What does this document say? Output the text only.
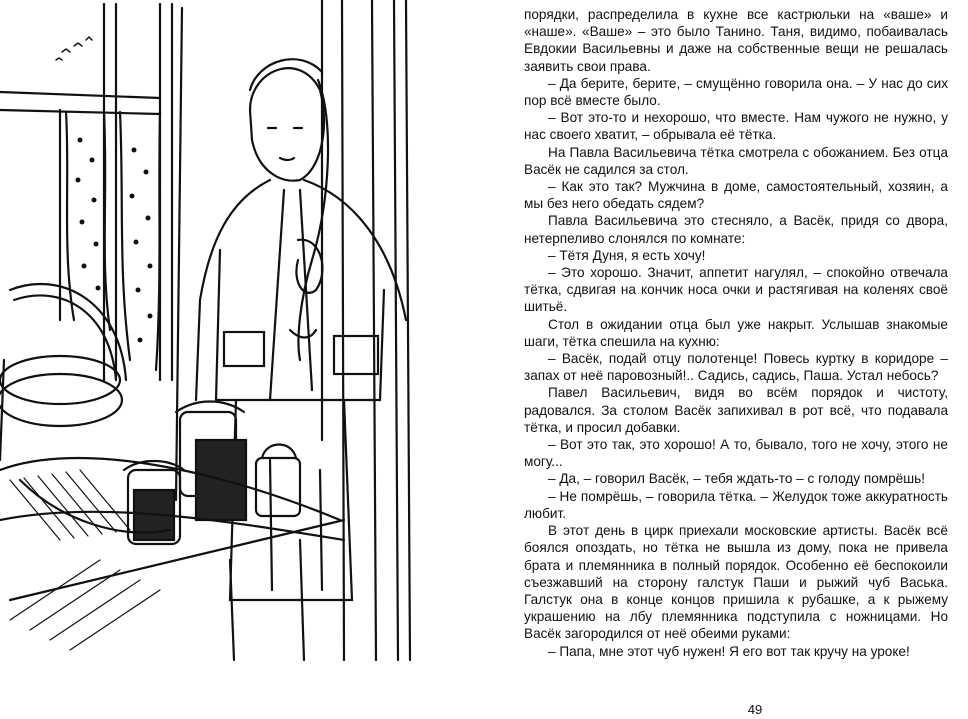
порядки, распределила в кухне все кастрюльки на «ваше» и «наше». «Ваше» – это было Танино. Таня, видимо, побаивалась Евдокии Васильевны и даже на собственные вещи не решалась заявить свои права.

– Да берите, берите, – смущённо говорила она. – У нас до сих пор всё вместе было.

– Вот это-то и нехорошо, что вместе. Нам чужого не нужно, у нас своего хватит, – обрывала её тётка.

На Павла Васильевича тётка смотрела с обожанием. Без отца Васёк не садился за стол.

– Как это так? Мужчина в доме, самостоятельный, хозяин, а мы без него обедать сядем?

Павла Васильевича это стесняло, а Васёк, придя со двора, нетерпеливо слонялся по комнате:

– Тётя Дуня, я есть хочу!

– Это хорошо. Значит, аппетит нагулял, – спокойно отвечала тётка, сдвигая на кончик носа очки и растягивая на коленях своё шитьё.

Стол в ожидании отца был уже накрыт. Услышав знакомые шаги, тётка спешила на кухню:

– Васёк, подай отцу полотенце! Повесь куртку в коридоре – запах от неё паровозный!.. Садись, садись, Паша. Устал небось?

Павел Васильевич, видя во всём порядок и чистоту, радовался. За столом Васёк запихивал в рот всё, что подавала тётка, и просил добавки.

– Вот это так, это хорошо! А то, бывало, того не хочу, этого не могу...

– Да, – говорил Васёк, – тебя ждать-то – с голоду помрёшь!

– Не помрёшь, – говорила тётка. – Желудок тоже аккуратность любит.

В этот день в цирк приехали московские артисты. Васёк всё боялся опоздать, но тётка не вышла из дому, пока не привела брата и племянника в полный порядок. Особенно её беспокоили съезжавший на сторону галстук Паши и рыжий чуб Васька. Галстук она в конце концов пришила к рубашке, а к рыжему украшению на лбу племянника подступила с ножницами. Но Васёк загородился от неё обеими руками:

– Папа, мне этот чуб нужен! Я его вот так кручу на уроке!

49
